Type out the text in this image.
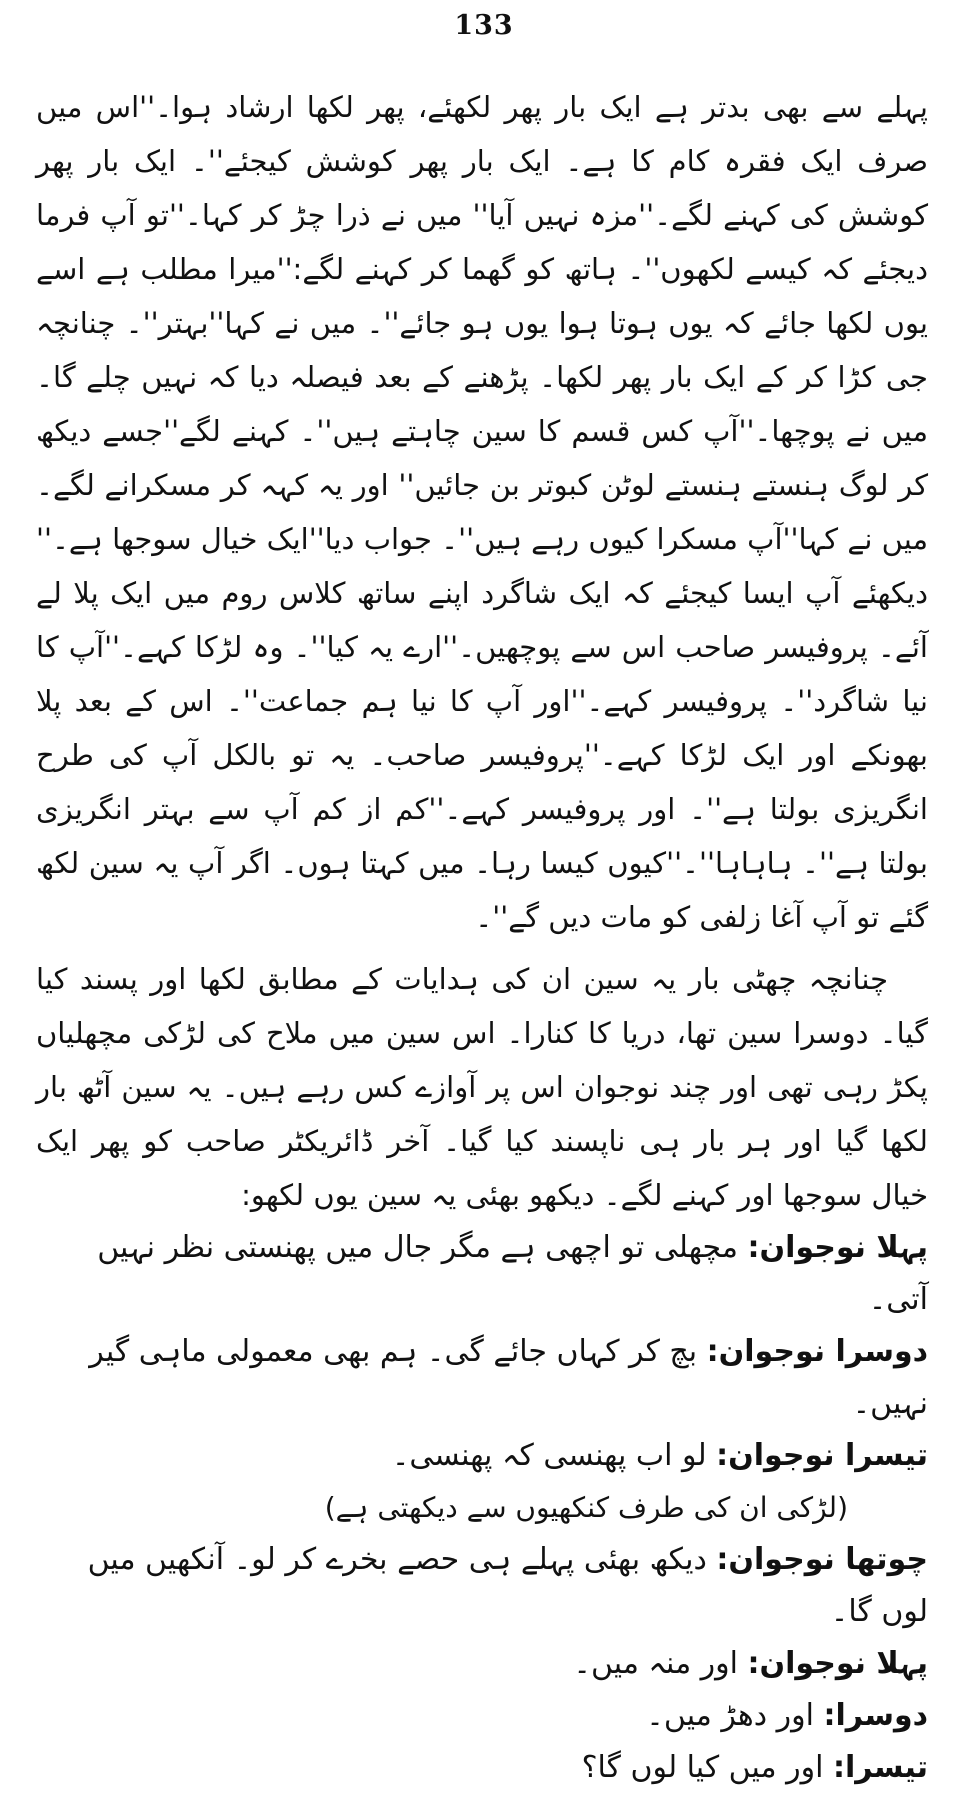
133

پہلے سے بھی بدتر ہے ایک بار پھر لکھئے، پھر لکھا ارشاد ہوا۔''اس میں صرف ایک فقرہ کام کا ہے۔ ایک بار پھر کوشش کیجئے''۔ ایک بار پھر کوشش کی کہنے لگے۔''مزہ نہیں آیا'' میں نے ذرا چڑ کر کہا۔''تو آپ فرما دیجئے کہ کیسے لکھوں''۔ ہاتھ کو گھما کر کہنے لگے:''میرا مطلب ہے اسے یوں لکھا جائے کہ یوں ہوتا ہوا یوں ہو جائے''۔ میں نے کہا''بہتر''۔ چنانچہ جی کڑا کر کے ایک بار پھر لکھا۔ پڑھنے کے بعد فیصلہ دیا کہ نہیں چلے گا۔ میں نے پوچھا۔''آپ کس قسم کا سین چاہتے ہیں''۔ کہنے لگے''جسے دیکھ کر لوگ ہنستے ہنستے لوٹن کبوتر بن جائیں'' اور یہ کہہ کر مسکرانے لگے۔ میں نے کہا''آپ مسکرا کیوں رہے ہیں''۔ جواب دیا''ایک خیال سوجھا ہے۔'' دیکھئے آپ ایسا کیجئے کہ ایک شاگرد اپنے ساتھ کلاس روم میں ایک پلا لے آئے۔ پروفیسر صاحب اس سے پوچھیں۔''ارے یہ کیا''۔ وہ لڑکا کہے۔''آپ کا نیا شاگرد''۔ پروفیسر کہے۔''اور آپ کا نیا ہم جماعت''۔ اس کے بعد پلا بھونکے اور ایک لڑکا کہے۔''پروفیسر صاحب۔ یہ تو بالکل آپ کی طرح انگریزی بولتا ہے''۔ اور پروفیسر کہے۔''کم از کم آپ سے بہتر انگریزی بولتا ہے''۔ ہاہاہا''۔''کیوں کیسا رہا۔ میں کہتا ہوں۔ اگر آپ یہ سین لکھ گئے تو آپ آغا زلفی کو مات دیں گے''۔

چنانچہ چھٹی بار یہ سین ان کی ہدایات کے مطابق لکھا اور پسند کیا گیا۔ دوسرا سین تھا، دریا کا کنارا۔ اس سین میں ملاح کی لڑکی مچھلیاں پکڑ رہی تھی اور چند نوجوان اس پر آوازے کس رہے ہیں۔ یہ سین آٹھ بار لکھا گیا اور ہر بار ہی ناپسند کیا گیا۔ آخر ڈائریکٹر صاحب کو پھر ایک خیال سوجھا اور کہنے لگے۔ دیکھو بھئی یہ سین یوں لکھو:

پہلا نوجوان: مچھلی تو اچھی ہے مگر جال میں پھنستی نظر نہیں آتی۔

دوسرا نوجوان: بچ کر کہاں جائے گی۔ ہم بھی معمولی ماہی گیر نہیں۔

تیسرا نوجوان: لو اب پھنسی کہ پھنسی۔

(لڑکی ان کی طرف کنکھیوں سے دیکھتی ہے)

چوتھا نوجوان: دیکھ بھئی پہلے ہی حصے بخرے کر لو۔ آنکھیں میں لوں گا۔

پہلا نوجوان: اور منہ میں۔

دوسرا: اور دھڑ میں۔

تیسرا: اور میں کیا لوں گا؟
